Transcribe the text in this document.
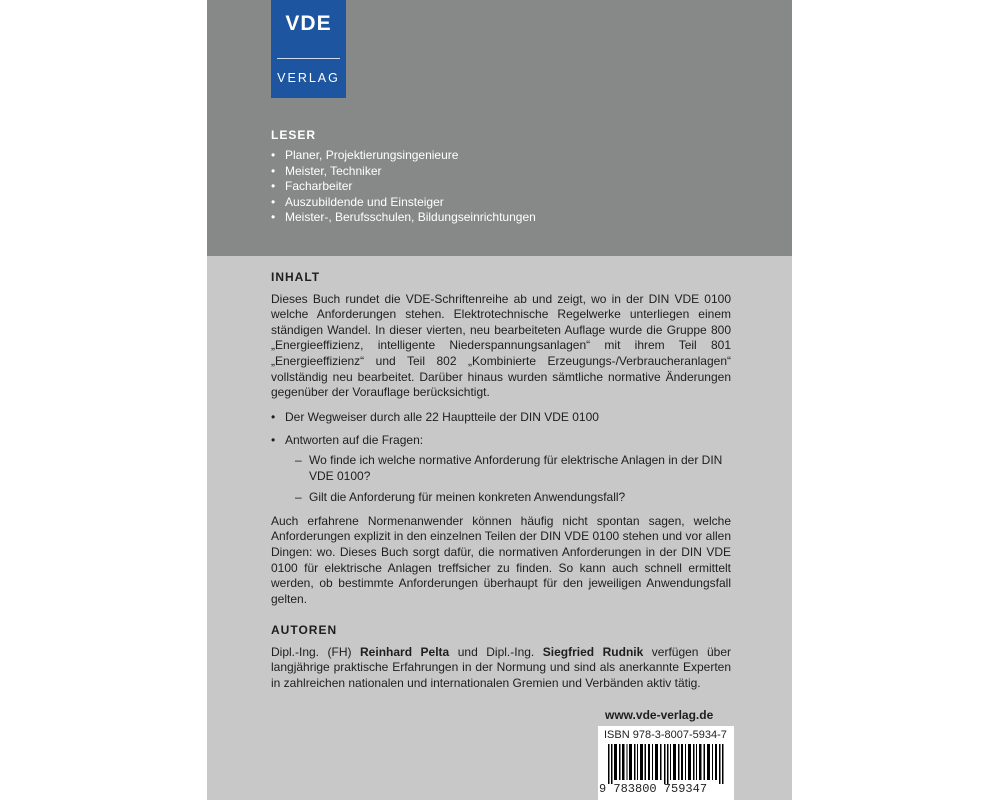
VDE
VERLAG
LESER
• Planer, Projektierungsingenieure
• Meister, Techniker
• Facharbeiter
• Auszubildende und Einsteiger
• Meister-, Berufsschulen, Bildungseinrichtungen
INHALT

Dieses Buch rundet die VDE-Schriftenreihe ab und zeigt, wo in der DIN VDE 0100 welche Anforderungen stehen. Elektrotechnische Regelwerke unterliegen einem ständigen Wandel. In dieser vierten, neu bearbeiteten Auflage wurde die Gruppe 800 „Energieeffizienz, intelligente Niederspannungsanlagen“ mit ihrem Teil 801 „Energieeffizienz“ und Teil 802 „Kombinierte Erzeugungs-/Verbraucheranlagen“ vollständig neu bearbeitet. Darüber hinaus wurden sämtliche normative Änderungen gegenüber der Vorauflage berücksichtigt.

• Der Wegweiser durch alle 22 Hauptteile der DIN VDE 0100
• Antworten auf die Fragen:
– Wo finde ich welche normative Anforderung für elektrische Anlagen in der DIN VDE 0100?
– Gilt die Anforderung für meinen konkreten Anwendungsfall?

Auch erfahrene Normenanwender können häufig nicht spontan sagen, welche Anforderungen explizit in den einzelnen Teilen der DIN VDE 0100 stehen und vor allen Dingen: wo. Dieses Buch sorgt dafür, die normativen Anforderungen in der DIN VDE 0100 für elektrische Anlagen treffsicher zu finden. So kann auch schnell ermittelt werden, ob bestimmte Anforderungen überhaupt für den jeweiligen Anwendungsfall gelten.

AUTOREN

Dipl.-Ing. (FH) Reinhard Pelta und Dipl.-Ing. Siegfried Rudnik verfügen über langjährige praktische Erfahrungen in der Normung und sind als anerkannte Experten in zahlreichen nationalen und internationalen Gremien und Verbänden aktiv tätig.

www.vde-verlag.de
ISBN 978-3-8007-5934-7
9 783800 759347
